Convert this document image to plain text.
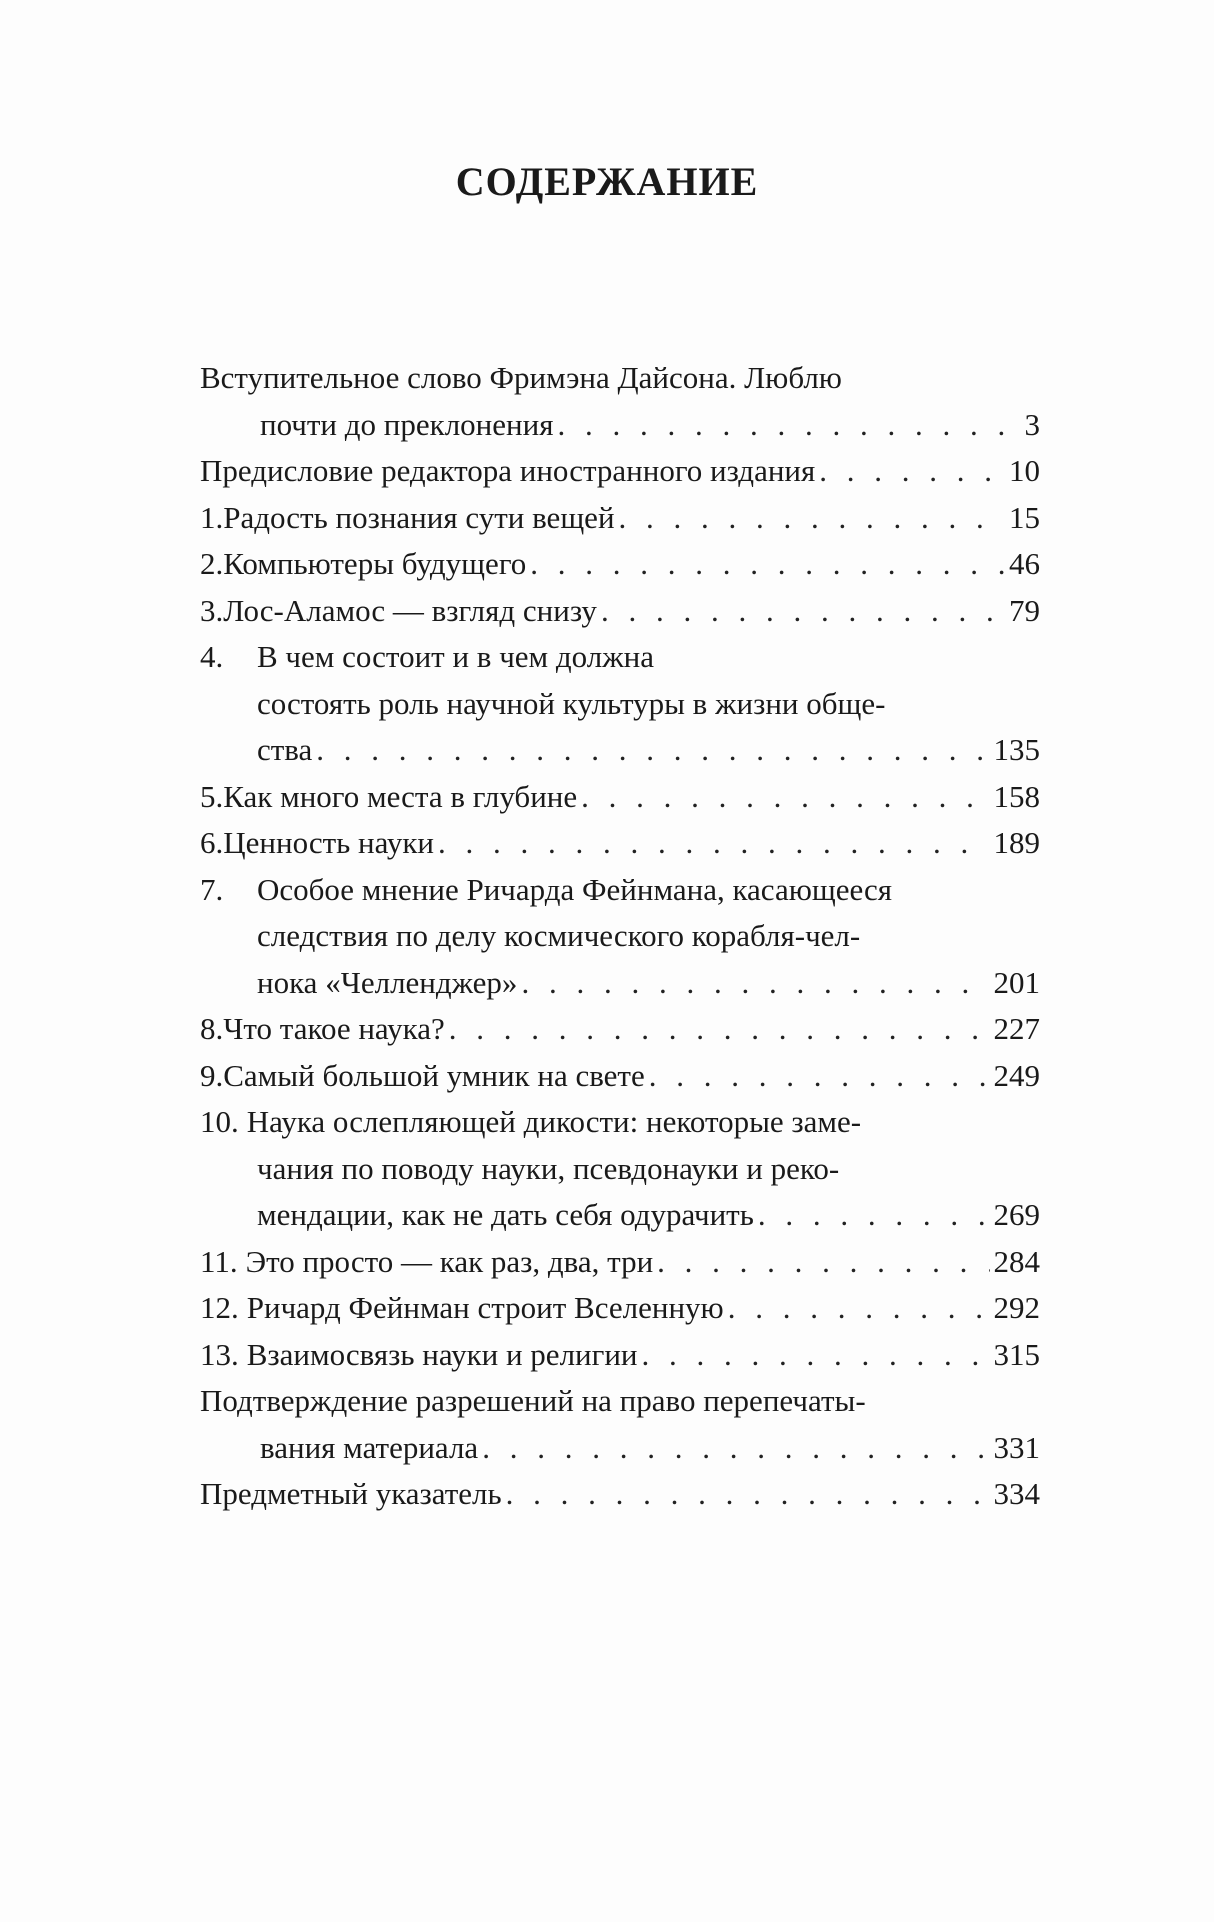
СОДЕРЖАНИЕ
Вступительное слово Фримэна Дайсона. Люблю
почти до преклонения . . .	3
Предисловие редактора иностранного издания . . .	10
1. Радость познания сути вещей . . .	15
2. Компьютеры будущего . . .	46
3. Лос-Аламос — взгляд снизу . . .	79
4. В чем состоит и в чем должна
состоять роль научной культуры в жизни обще-
ства . . .	135
5. Как много места в глубине . . .	158
6. Ценность науки . . .	189
7. Особое мнение Ричарда Фейнмана, касающееся
следствия по делу космического корабля-чел-
нока «Челленджер» . . .	201
8. Что такое наука? . . .	227
9. Самый большой умник на свете . . .	249
10. Наука ослепляющей дикости: некоторые заме-
чания по поводу науки, псевдонауки и реко-
мендации, как не дать себя одурачить . . .	269
11. Это просто — как раз, два, три . . .	284
12. Ричард Фейнман строит Вселенную . . .	292
13. Взаимосвязь науки и религии . . .	315
Подтверждение разрешений на право перепечаты-
вания материала . . .	331
Предметный указатель . . .	334
